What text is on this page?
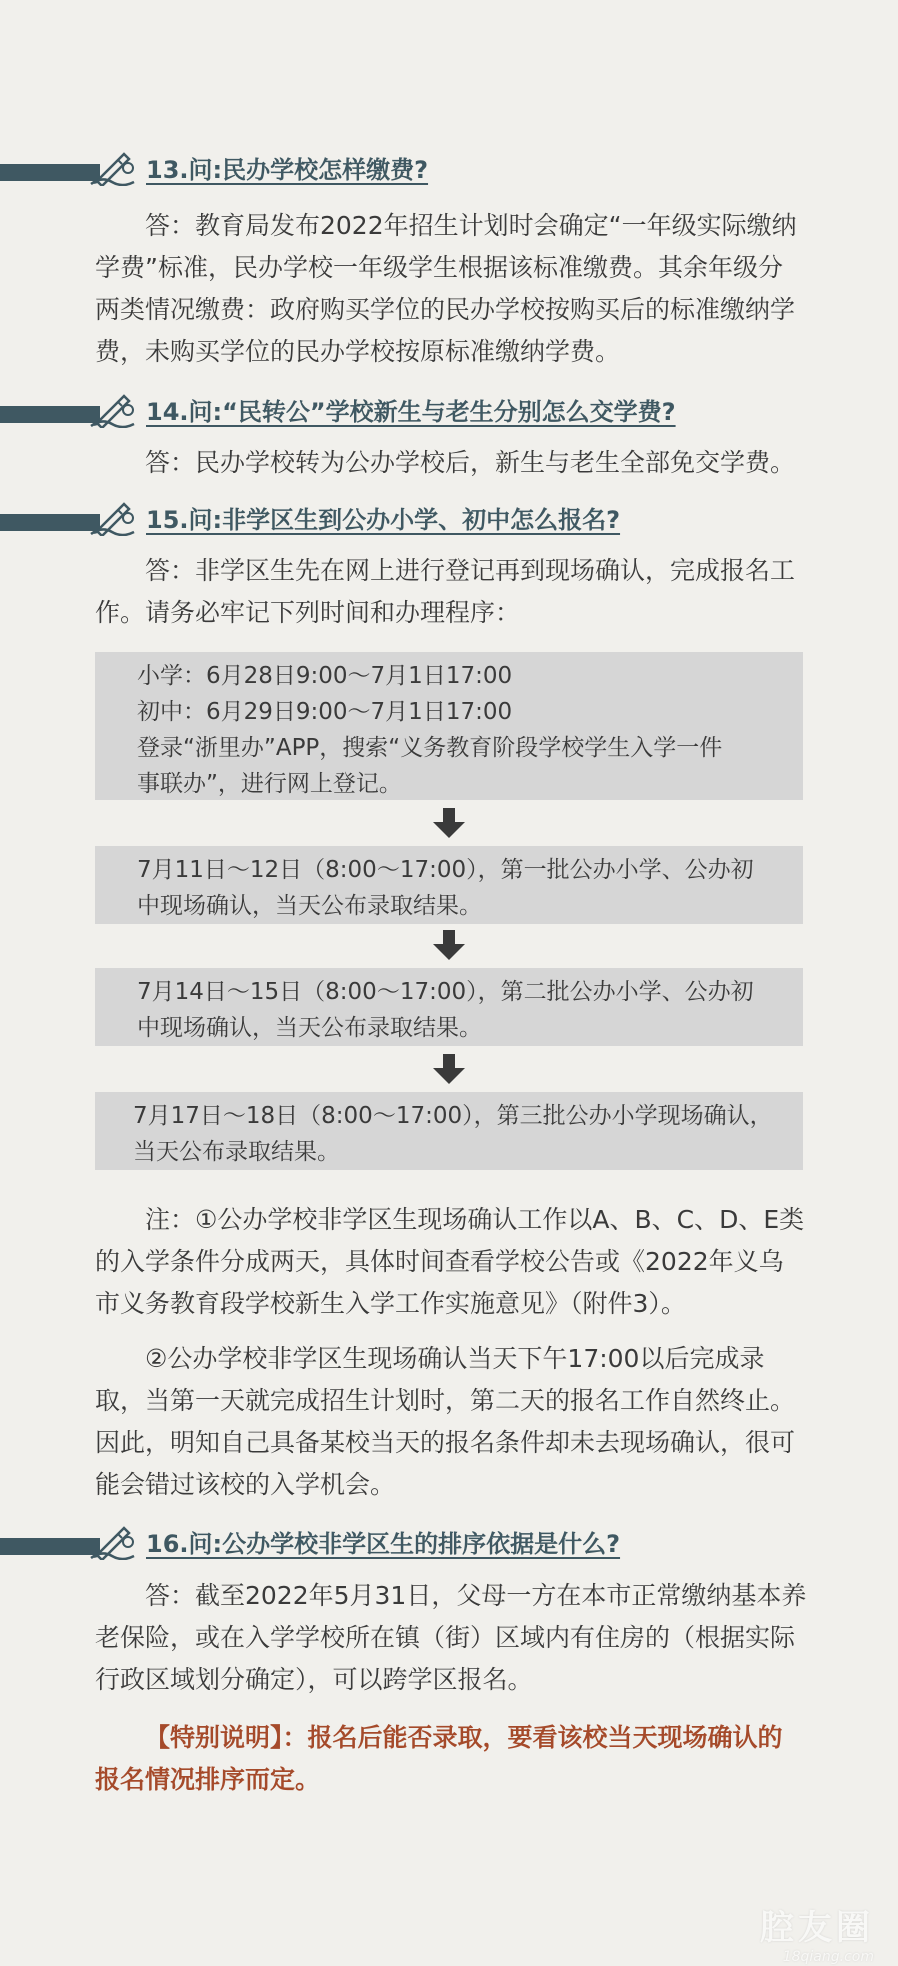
13.问:民办学校怎样缴费?

答：教育局发布2022年招生计划时会确定“一年级实际缴纳学费”标准，民办学校一年级学生根据该标准缴费。其余年级分两类情况缴费：政府购买学位的民办学校按购买后的标准缴纳学费，未购买学位的民办学校按原标准缴纳学费。

14.问:“民转公”学校新生与老生分别怎么交学费?

答：民办学校转为公办学校后，新生与老生全部免交学费。

15.问:非学区生到公办小学、初中怎么报名?

答：非学区生先在网上进行登记再到现场确认，完成报名工作。请务必牢记下列时间和办理程序：

小学：6月28日9:00～7月1日17:00
初中：6月29日9:00～7月1日17:00
登录“浙里办”APP，搜索“义务教育阶段学校学生入学一件
事联办”，进行网上登记。
7月11日～12日（8:00～17:00），第一批公办小学、公办初
中现场确认，当天公布录取结果。
7月14日～15日（8:00～17:00），第二批公办小学、公办初
中现场确认，当天公布录取结果。
7月17日～18日（8:00～17:00），第三批公办小学现场确认，
当天公布录取结果。

注：①公办学校非学区生现场确认工作以A、B、C、D、E类的入学条件分成两天，具体时间查看学校公告或《2022年义乌市义务教育段学校新生入学工作实施意见》（附件3）。

②公办学校非学区生现场确认当天下午17:00以后完成录取，当第一天就完成招生计划时，第二天的报名工作自然终止。因此，明知自己具备某校当天的报名条件却未去现场确认，很可能会错过该校的入学机会。

16.问:公办学校非学区生的排序依据是什么?

答：截至2022年5月31日，父母一方在本市正常缴纳基本养老保险，或在入学学校所在镇（街）区域内有住房的（根据实际行政区域划分确定），可以跨学区报名。

【特别说明】：报名后能否录取，要看该校当天现场确认的报名情况排序而定。

腔友圈
18qiang.com
